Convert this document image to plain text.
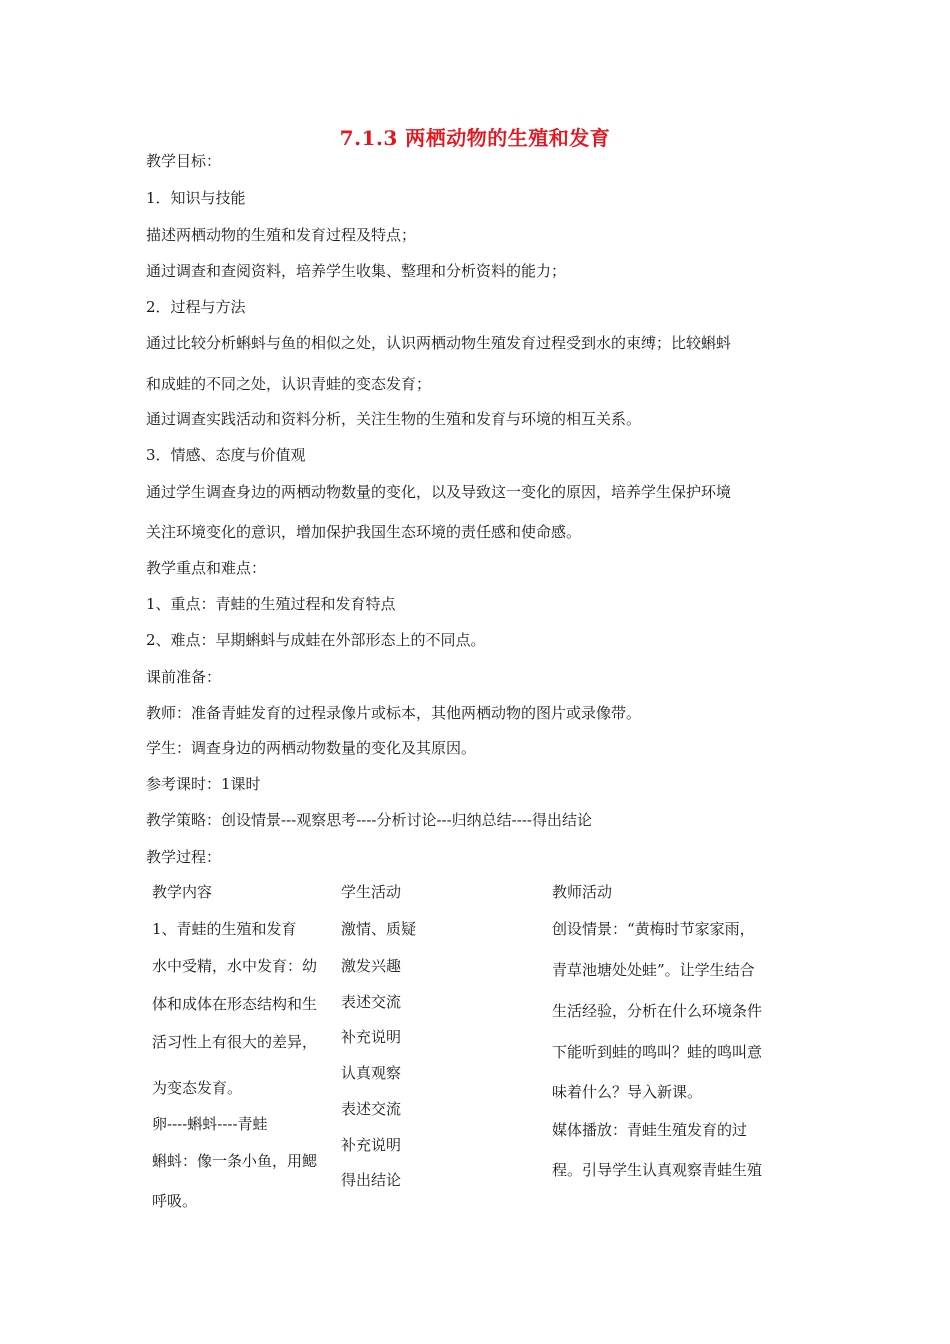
7.1.3 两栖动物的生殖和发育
教学目标：
1．知识与技能
描述两栖动物的生殖和发育过程及特点；
通过调查和查阅资料，培养学生收集、整理和分析资料的能力；
2．过程与方法
通过比较分析蝌蚪与鱼的相似之处，认识两栖动物生殖发育过程受到水的束缚；比较蝌蚪
和成蛙的不同之处，认识青蛙的变态发育；
通过调查实践活动和资料分析，关注生物的生殖和发育与环境的相互关系。
3．情感、态度与价值观
通过学生调查身边的两栖动物数量的变化，以及导致这一变化的原因，培养学生保护环境
关注环境变化的意识，增加保护我国生态环境的责任感和使命感。
教学重点和难点：
1、重点：青蛙的生殖过程和发育特点
2、难点：早期蝌蚪与成蛙在外部形态上的不同点。
课前准备：
教师：准备青蛙发育的过程录像片或标本，其他两栖动物的图片或录像带。
学生：调查身边的两栖动物数量的变化及其原因。
参考课时：1课时
教学策略：创设情景---观察思考----分析讨论---归纳总结----得出结论
教学过程：
教学内容	学生活动	教师活动
1、青蛙的生殖和发育
水中受精，水中发育：幼
体和成体在形态结构和生
活习性上有很大的差异，
为变态发育。
卵----蝌蚪----青蛙
蝌蚪：像一条小鱼，用鳃
呼吸。
激情、质疑
激发兴趣
表述交流
补充说明
认真观察
表述交流
补充说明
得出结论
创设情景：“黄梅时节家家雨，
青草池塘处处蛙”。让学生结合
生活经验，分析在什么环境条件
下能听到蛙的鸣叫？蛙的鸣叫意
味着什么？导入新课。
媒体播放：青蛙生殖发育的过
程。引导学生认真观察青蛙生殖
